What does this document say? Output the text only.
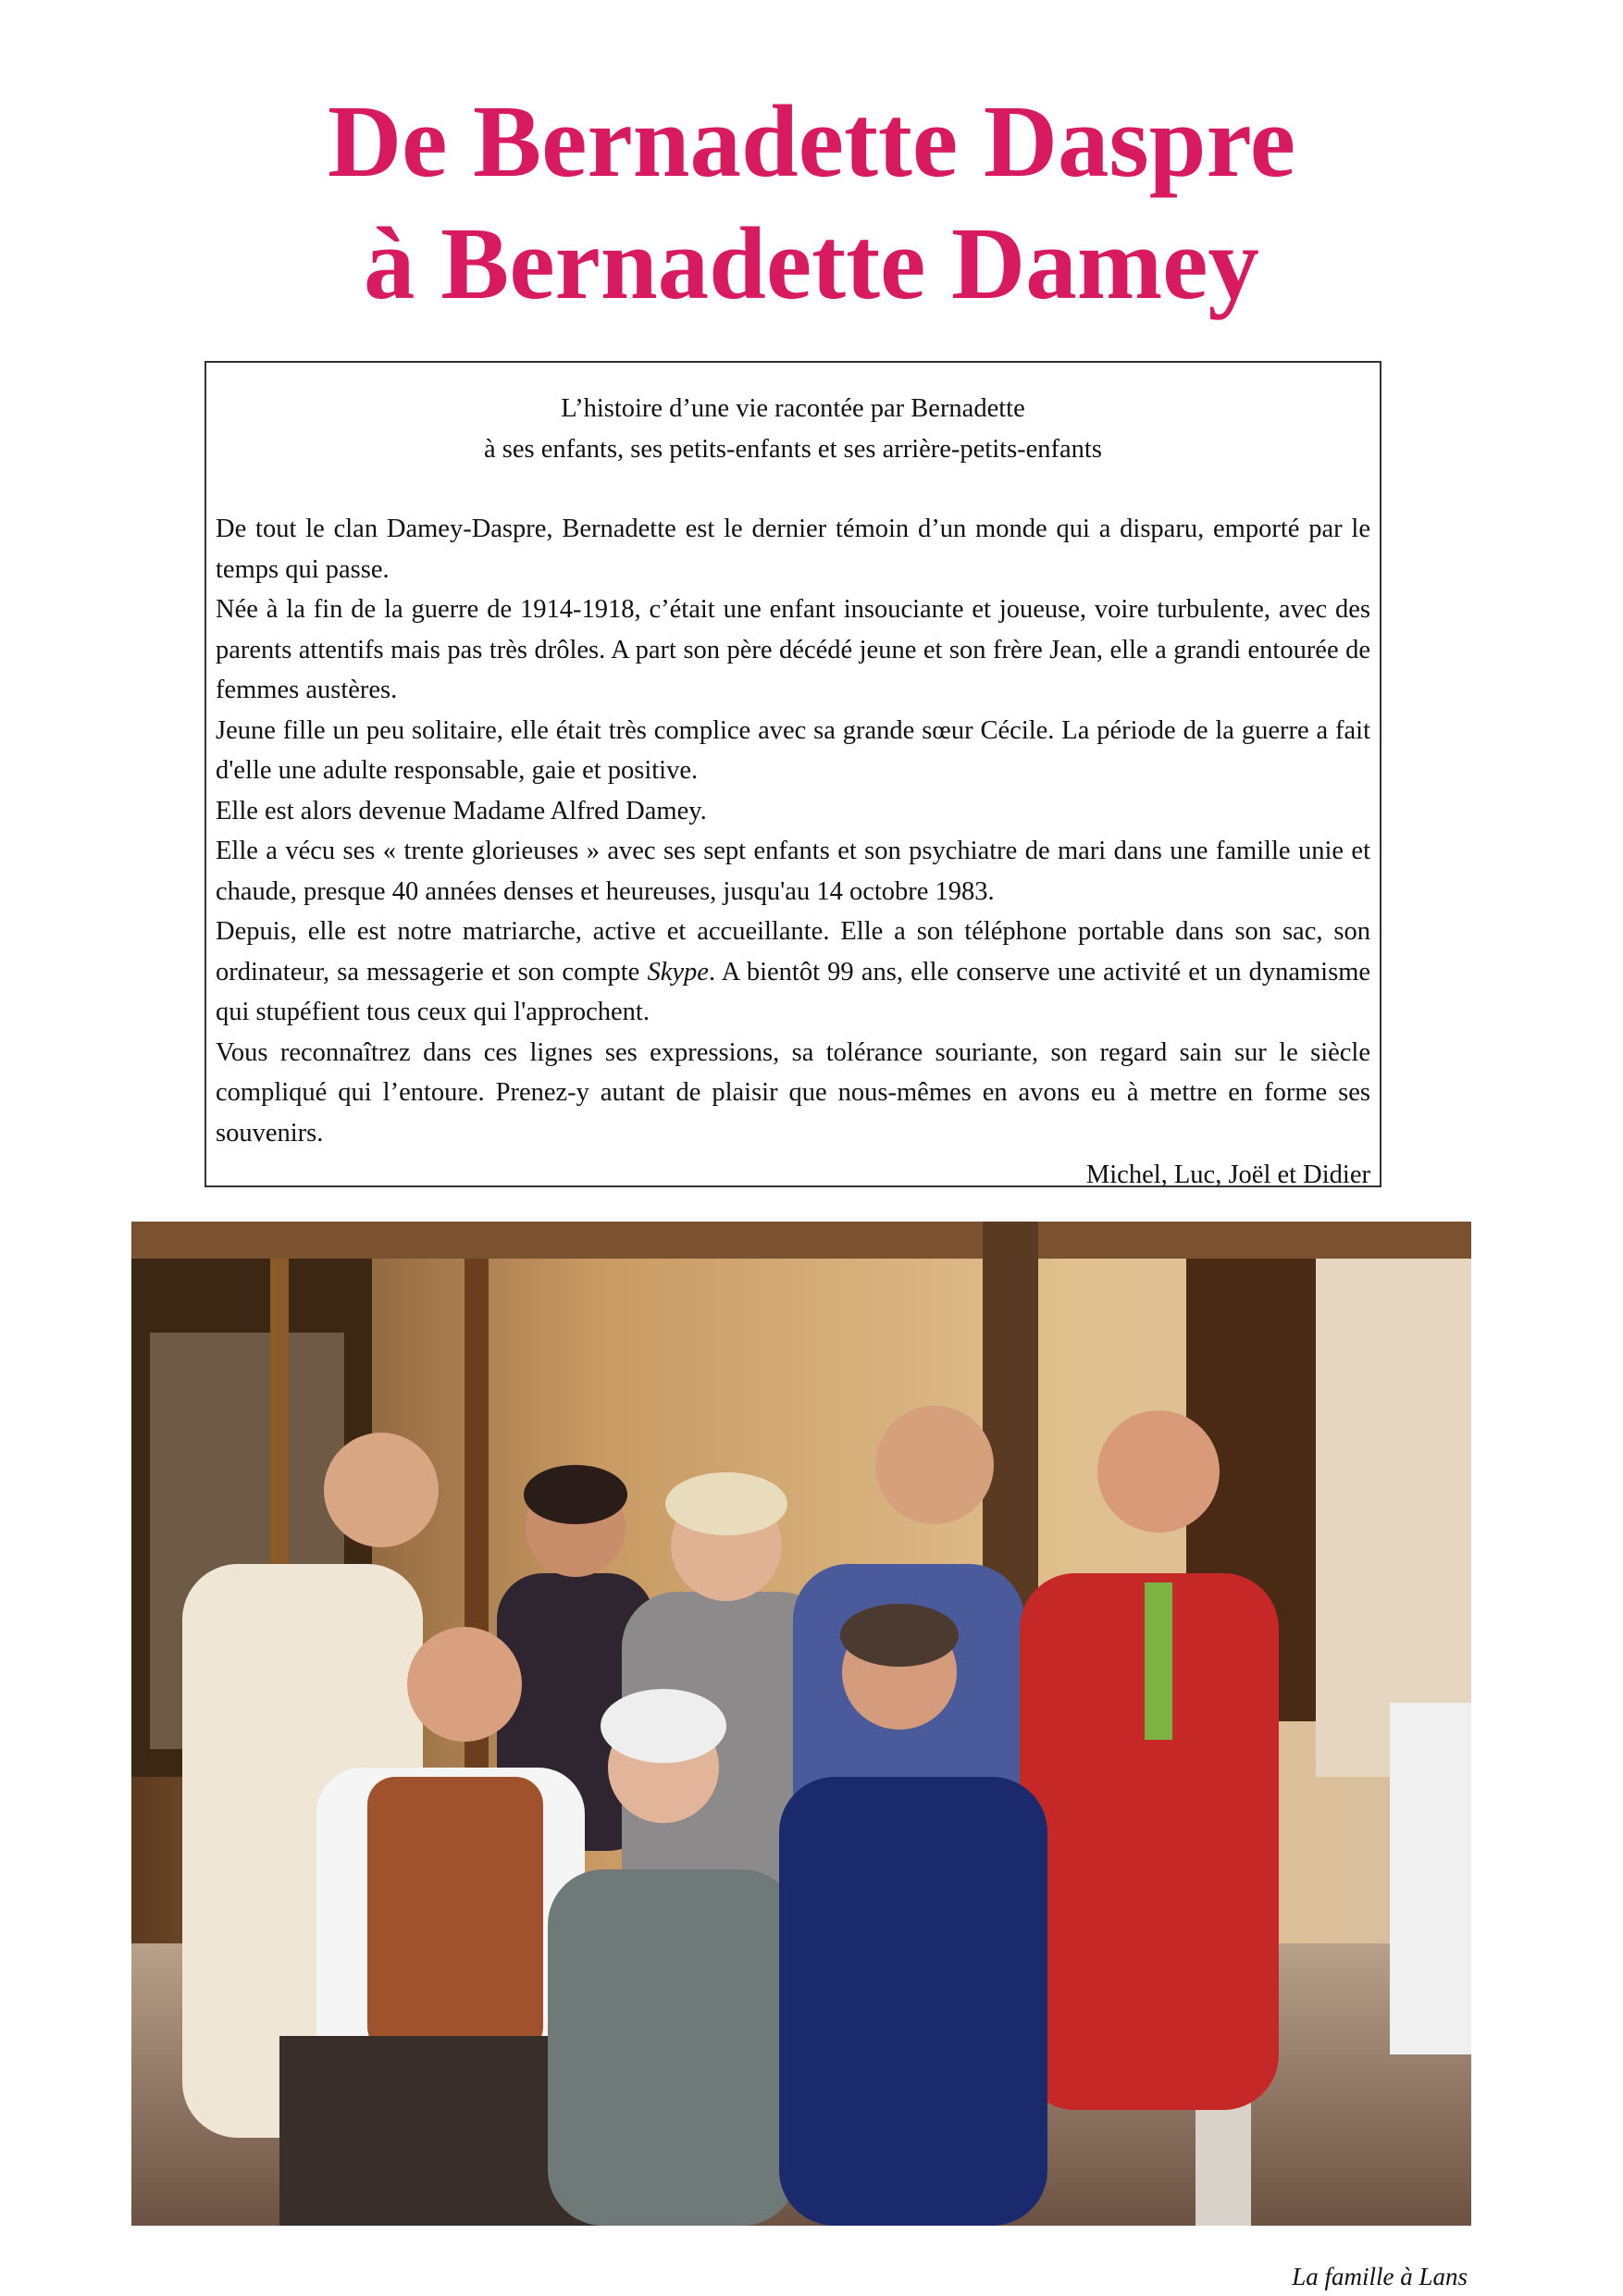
De Bernadette Daspre
à Bernadette Damey
L’histoire d’une vie racontée par Bernadette
à ses enfants, ses petits-enfants et ses arrière-petits-enfants

De tout le clan Damey-Daspre, Bernadette est le dernier témoin d’un monde qui a disparu, emporté par le temps qui passe.

Née à la fin de la guerre de 1914-1918, c’était une enfant insouciante et joueuse, voire turbulente, avec des parents attentifs mais pas très drôles. A part son père décédé jeune et son frère Jean, elle a grandi entourée de femmes austères.

Jeune fille un peu solitaire, elle était très complice avec sa grande sœur Cécile. La période de la guerre a fait d'elle une adulte responsable, gaie et positive.

Elle est alors devenue Madame Alfred Damey.

Elle a vécu ses « trente glorieuses » avec ses sept enfants et son psychiatre de mari dans une famille unie et chaude, presque 40 années denses et heureuses, jusqu'au 14 octobre 1983.

Depuis, elle est notre matriarche, active et accueillante. Elle a son téléphone portable dans son sac, son ordinateur, sa messagerie et son compte Skype. A bientôt 99 ans, elle conserve une activité et un dynamisme qui stupéfient tous ceux qui l'approchent.

Vous reconnaîtrez dans ces lignes ses expressions, sa tolérance souriante, son regard sain sur le siècle compliqué qui l’entoure. Prenez-y autant de plaisir que nous-mêmes en avons eu à mettre en forme ses souvenirs.

Michel, Luc, Joël et Didier
La famille à Lans
